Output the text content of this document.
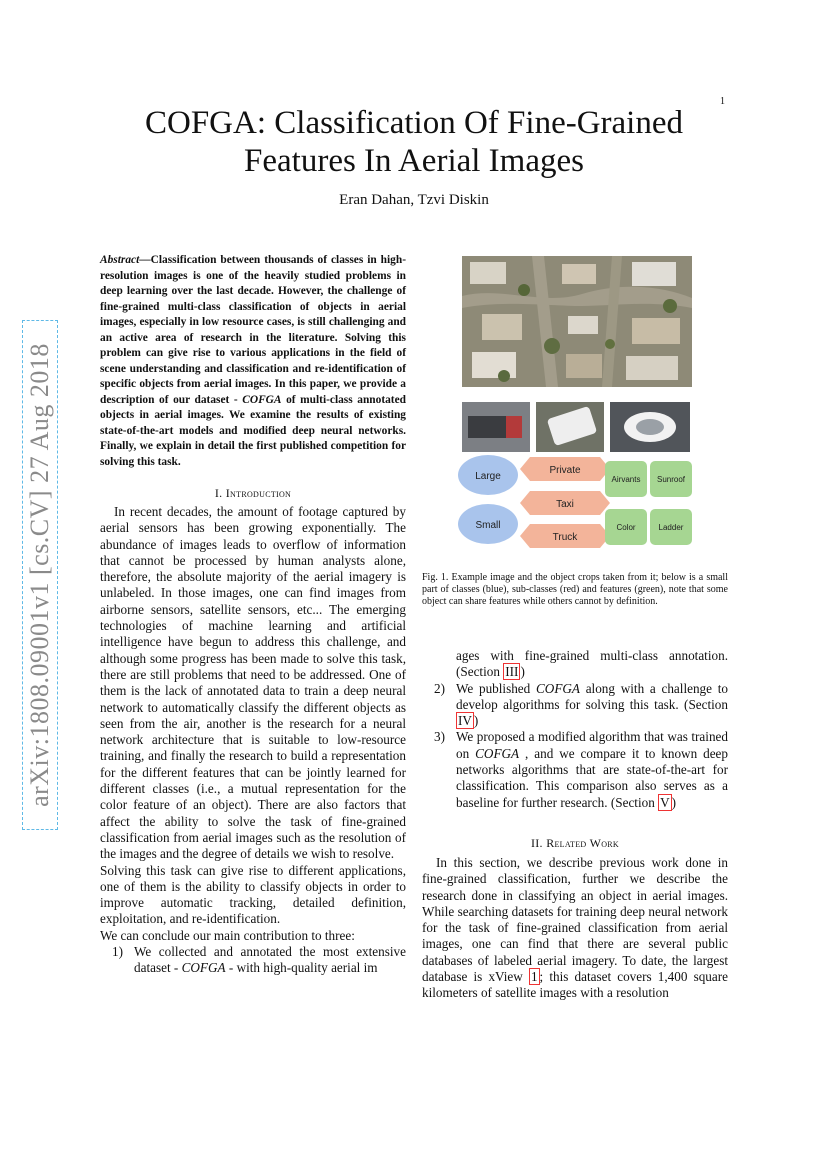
1
COFGA: Classification Of Fine-Grained
Features In Aerial Images
Eran Dahan, Tzvi Diskin
arXiv:1808.09001v1 [cs.CV] 27 Aug 2018
Abstract—Classification between thousands of classes in high-resolution images is one of the heavily studied problems in deep learning over the last decade. However, the challenge of fine-grained multi-class classification of objects in aerial images, especially in low resource cases, is still challenging and an active area of research in the literature. Solving this problem can give rise to various applications in the field of scene understanding and classification and re-identification of specific objects from aerial images. In this paper, we provide a description of our dataset - COFGA of multi-class annotated objects in aerial images. We examine the results of existing state-of-the-art models and modified deep neural networks. Finally, we explain in detail the first published competition for solving this task.
I. Introduction

In recent decades, the amount of footage captured by aerial sensors has been growing exponentially. The abundance of images leads to overflow of information that cannot be processed by human analysts alone, therefore, the absolute majority of the aerial imagery is unlabeled. In those images, one can find images from airborne sensors, satellite sensors, etc... The emerging technologies of machine learning and artificial intelligence have begun to address this challenge, and although some progress has been made to solve this task, there are still problems that need to be addressed. One of them is the lack of annotated data to train a deep neural network to automatically classify the different objects as seen from the air, another is the research for a neural network architecture that is suitable to low-resource training, and finally the research to build a representation for the different features that can be jointly learned for different classes (i.e., a mutual representation for the color feature of an object). There are also factors that affect the ability to solve the task of fine-grained classification from aerial images such as the resolution of the images and the degree of details we wish to resolve.

Solving this task can give rise to different applications, one of them is the ability to classify objects in order to improve automatic tracking, detailed definition, exploitation, and re-identification.

We can conclude our main contribution to three:

1) We collected and annotated the most extensive dataset - COFGA - with high-quality aerial im
Large
Small
Private
Taxi
Truck
Airvants Sunroof
Color	Ladder
Fig. 1. Example image and the object crops taken from it; below is a small part of classes (blue), sub-classes (red) and features (green), note that some object can share features while others cannot by definition.
ages with fine-grained multi-class annotation. (Section III )
2) We published COFGA along with a challenge to develop algorithms for solving this task. (Section IV )
3) We proposed a modified algorithm that was trained on COFGA , and we compare it to known deep networks algorithms that are state-of-the-art for classification. This comparison also serves as a baseline for further research. (Section V )
II. Related Work

In this section, we describe previous work done in fine-grained classification, further we describe the research done in classifying an object in aerial images. While searching datasets for training deep neural network for the task of fine-grained classification from aerial images, one can find that there are several public databases of labeled aerial imagery. To date, the largest database is xView 1 ; this dataset covers 1,400 square kilometers of satellite images with a resolution
